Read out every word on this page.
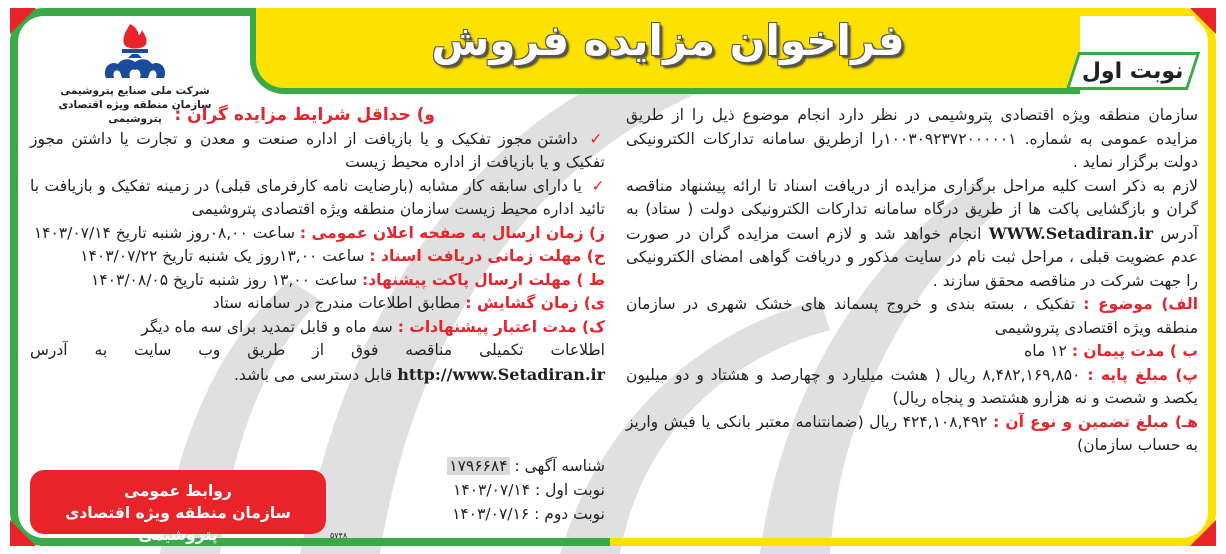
فراخوان مزایده فروش
نوبت اول
شرکت ملی صنایع پتروشیمی
سازمان منطقه ویژه اقتصادی پتروشیمی	سازمان منطقه ویژه اقتصادی پتروشیمی در نظر دارد انجام موضوع ذیل را از طریق مزایده عمومی به شماره. ۱۰۰۳۰۹۲۳۷۲۰۰۰۰۰۱را ازطریق سامانه تدارکات الکترونیکی دولت برگزار نماید .

لازم به ذکر است کلیه مراحل برگزاری مزایده از دریافت اسناد تا ارائه پیشنهاد مناقصه گران و بازگشایی پاکت ها از طریق درگاه سامانه تدارکات الکترونیکی دولت ( ستاد) به آدرس WWW.Setadiran.ir انجام خواهد شد و لازم است مزایده گران در صورت عدم عضویت قبلی ، مراحل ثبت نام در سایت مذکور و دریافت گواهی امضای الکترونیکی را جهت شرکت در مناقصه محقق سازند .

الف) موضوع : تفکیک ، بسته بندی و خروج پسماند های خشک شهری در سازمان منطقه ویژه اقتصادی پتروشیمی

ب ) مدت پیمان : ۱۲ ماه

پ) مبلغ پایه : ۸,۴۸۲,۱۶۹,۸۵۰ ریال ( هشت میلیارد و چهارصد و هشتاد و دو میلیون یکصد و شصت و نه هزارو هشتصد و پنجاه ریال)

هـ) مبلغ تضمین و نوع آن : ۴۲۴,۱۰۸,۴۹۲ ریال (ضمانتنامه معتبر بانکی یا فیش واریز به حساب سازمان)

و) حداقل شرایط مزایده گران :

✓ داشتن مجوز تفکیک و یا بازیافت از اداره صنعت و معدن و تجارت یا داشتن مجوز تفکیک و یا بازیافت از اداره محیط زیست

✓ یا دارای سابقه کار مشابه (بارضایت نامه کارفرمای قبلی) در زمینه تفکیک و بازیافت با تائید اداره محیط زیست سازمان منطقه ویژه اقتصادی پتروشیمی

ز) زمان ارسال به صفحه اعلان عمومی : ساعت ۰۸,۰۰روز شنبه تاریخ ۱۴۰۳/۰۷/۱۴

ح) مهلت زمانی دریافت اسناد : ساعت ۱۳,۰۰روز یک شنبه تاریخ ۱۴۰۳/۰۷/۲۲

ط ) مهلت ارسال پاکت پیشنهاد: ساعت ۱۳,۰۰ روز شنبه تاریخ ۱۴۰۳/۰۸/۰۵

ی) زمان گشایش : مطابق اطلاعات مندرج در سامانه ستاد

ک) مدت اعتبار پیشنهادات : سه ماه و قابل تمدید برای سه ماه دیگر

اطلاعات تکمیلی مناقصه فوق از طریق وب سایت به آدرس http://www.Setadiran.ir قابل دسترسی می باشد.

شناسه آگهی : ۱۷۹۶۶۸۴
نوبت اول : ۱۴۰۳/۰۷/۱۴
نوبت دوم : ۱۴۰۳/۰۷/۱۶
روابط عمومی
سازمان منطقه ویژه اقتصادی پتروشیمی	۵۷۴۸
